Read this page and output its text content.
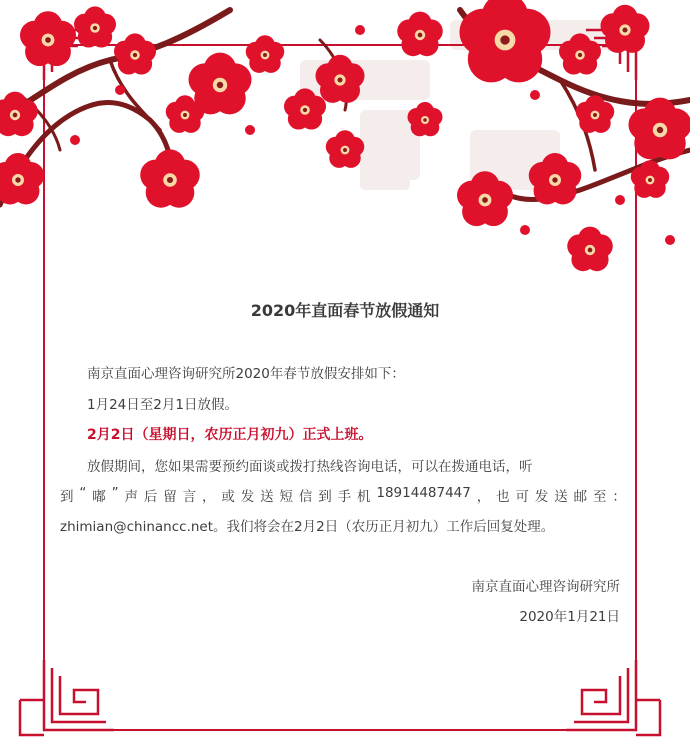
2020年直面春节放假通知
南京直面心理咨询研究所2020年春节放假安排如下：
1月24日至2月1日放假。
2月2日（星期日，农历正月初九）正式上班。
放假期间，您如果需要预约面谈或拨打热线咨询电话，可以在拨通电话，听
到 “ 嘟 ” 声 后 留 言 ， 或 发 送 短 信 到 手 机 18914487447 ， 也 可 发 送 邮 至 ：
zhimian@chinancc.net。我们将会在2月2日（农历正月初九）工作后回复处理。
南京直面心理咨询研究所
2020年1月21日
